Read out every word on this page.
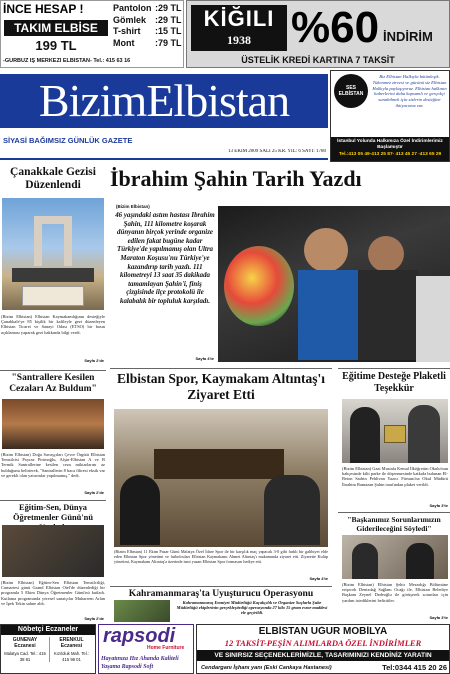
İNCE HESAP !
TAKIM ELBİSE
199 TL
Pantolon :29 TL
Gömlek :29 TL
T-shirt :15 TL
Mont :79 TL
-GÜRBÜZ İŞ MERKEZİ ELBİSTAN- Tel.: 415 63 16
KİĞILI
1938 %60 İNDİRİM
ÜSTELİK KREDİ KARTINA 7 TAKSİT
BizimElbistan
SİYASİ BAĞIMSIZ GÜNLÜK GAZETE
13 EKİM 2009 SALI 25 KR. YIL: 6 SAYI: 1780
SES ELBİSTAN
Biz Elbistan Halkıyla bütünleşik. Tükenmez zirvesi ve gücünü siz Elbistan Halkıyla paylaşıyoruz. Elbistan halkının haberlerini daha kapsamlı ve gerçekçi sunabilmek için sizlerin desteğine ihtiyacımız var.
İstanbul Yolunda Halkımıza Özel İndirimlerimiz Başlamıştır
Tel.:413 05 49-413 25 87- 413 45 27 -413 65 29
Çanakkale Gezisi Düzenlendi
(Bizim Elbistan) Elbistan Kaymakamlığının desteğiyle Çanakkale'ye 85 kişilik bir kafileyle gezi düzenleyen Elbistan Ticaret ve Sanayi Odası (ETSO) bir basın açıklaması yaparak gezi hakkında bilgi verdi.
Sayfa 2'de
"Santrallere Kesilen Cezaları Az Buldum"
(Bizim Elbistan) Doğa Savaşçıları Çevre Örgütü Elbistan Temsilcisi Poyraz Pirimoğlu, Afşin-Elbistan A ve B Termik Santrallerine kesilen ceza miktarlarını az bulduğunu belirterek, "Santrallerin 8 baca filtresi eksik var ve gerekli olan yatırımlar yapılmamış." dedi.
Sayfa 2'de
Eğitim-Sen, Dünya Öğretmenler Günü'nü
(Bizim Elbistan) Eğitim-Sen Elbistan Temsilciliği, Cumartesi günü Grand Elbistan Otel'de düzenlediği bir programla 5 Ekim Dünya Öğretmenler Günü'nü kutladı. Kutlama programında yöresel sanatçılar Muharrem Arlan ve İpek Tekin sahne aldı.
Sayfa 2'de
İbrahim Şahin Tarih Yazdı
(Bizim Elbistan)
46 yaşındaki astım hastası İbrahim Şahin, 111 kilometre koşarak dünyanın birçok yerinde organize edilen fakat bugüne kadar Türkiye'de yapılmamış olan Ultra Maraton Koşusu'nu Türkiye'ye kazandırıp tarih yazdı. 111 kilometreyi 13 saat 35 dakikada tamamlayan Şahin'i, finiş çizgisinde ilçe protokolü ile kalabalık bir topluluk karşıladı.
Sayfa 4'te
Elbistan Spor, Kaymakam Altıntaş'ı Ziyaret Etti
(Bizim Elbistan) 11 Ekim Pazar Günü Malatya Özel İdare Spor ile bir karşılık maç yapacak 3-0 gibi farklı bir galibiyet elde eden Elbistan Spor yönetimi ve futbolcuları Elbistan Kaymakamı Ahmet Altıntaş'ı makamında ziyaret etti. Ziyarette Kulüp yönetimi, Kaymakam Altıntaş'a üzerinde ismi yazan Elbistan Spor formasını hediye etti.
Sayfa 4'te
Eğitime Desteğe Plaketli Teşekkür
(Bizim Elbistan) Gazi Mustafa Kemal İlköğretim Okulu'nun bahçesinde kilit parke ile döşenmesinde katkıda bulunan El-Beton Sadrin Pehlivan Yazıcı Firması'na Okul Müdürü İbrahim Ramazan Şahin tarafından plaket verildi.
Sayfa 3'te
"Başkanımız Sorunlarımızın Giderileceğini Söyledi"
(Bizim Elbistan) Elbistan Şehir Mezarlığı Bölümüne erişecek Denizdağ Sağlam Ocağı ile, Elbistan Belediye Başkanı Zeynel Dedeoğlu ile görüşerek sorunları için yardım istediklerini belirttiler.
Sayfa 3'te
Kahramanmaraş'ta Uyuşturucu Operasyonu
Kahramanmaraş Emniyet Müdürlüğü Kaçakçılık ve Organize Suçlarla Şube Müdürlüğü ekiplerinin gerçekleştirdiği operasyonda 27 kilo 15 gram esrar maddesi ele geçirildi.
Nöbetçi Eczaneler
GÜNENAY Eczanesi
Malatya Cad. Tel.: 415 38 81
ERENKUL Eczanesi
Kızıloluk Mah. Tel.: 415 98 01
rapsodi
Home Furniture
Hayatınıza Hız Ahanda Kaliteli Yaşama Rapsodi Soft
ELBİSTAN UĞUR MOBİLYA
12 TAKSİT-PEŞİN ALIMLARDA ÖZEL İNDİRİMLER
VE SINIRSIZ SEÇENEKLERİMİZLE, TASARIMINIZI KENDİNİZ YARATIN
Cendarganı İşhanı yanı (Eski Cankaya Hastanesi)	Tel:0344 415 20 26
